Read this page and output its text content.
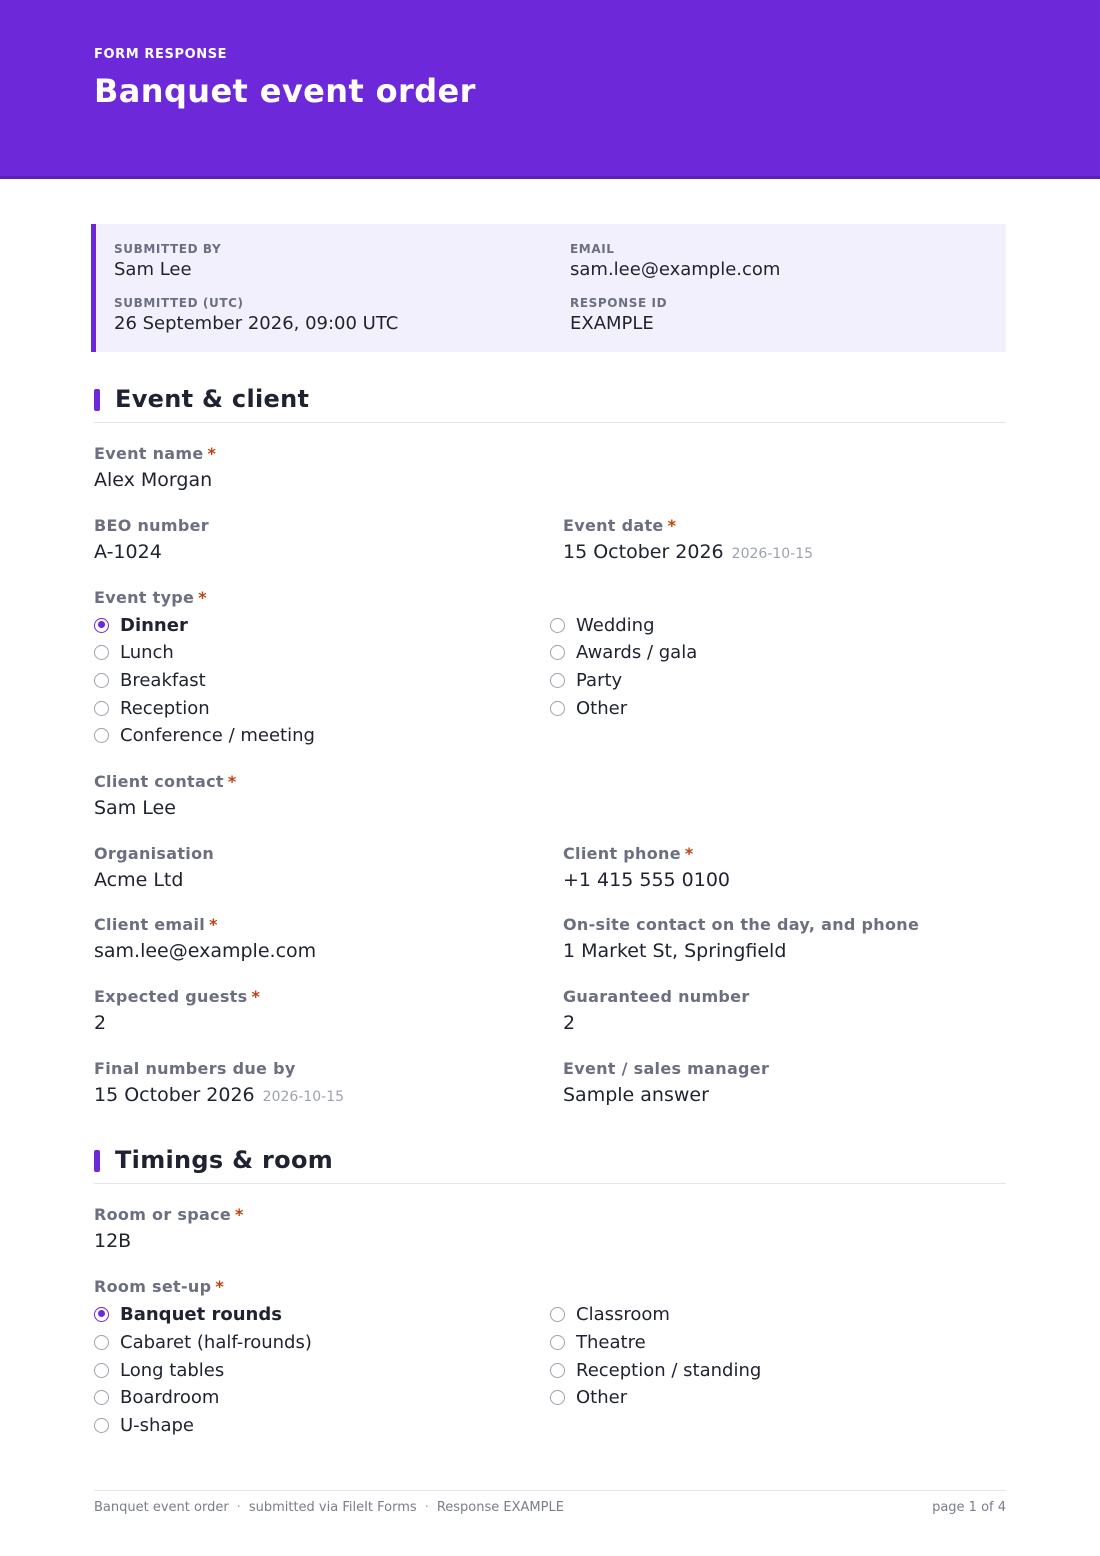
FORM RESPONSE
Banquet event order
SUBMITTED BY
Sam Lee
EMAIL
sam.lee@example.com
SUBMITTED (UTC)
26 September 2026, 09:00 UTC
RESPONSE ID
EXAMPLE
Event & client
Event name *
Alex Morgan
BEO number
A-1024
Event date *
15 October 2026 2026-10-15
Event type *
Dinner
Lunch
Breakfast
Reception
Conference / meeting
Wedding
Awards / gala
Party
Other
Client contact *
Sam Lee
Organisation
Acme Ltd
Client phone *
+1 415 555 0100
Client email *
sam.lee@example.com
On-site contact on the day, and phone
1 Market St, Springfield
Expected guests *
2
Guaranteed number
2
Final numbers due by
15 October 2026 2026-10-15
Event / sales manager
Sample answer
Timings & room
Room or space *
12B
Room set-up *
Banquet rounds
Cabaret (half-rounds)
Long tables
Boardroom
U-shape
Classroom
Theatre
Reception / standing
Other
Banquet event order · submitted via FileIt Forms · Response EXAMPLE	page 1 of 4
